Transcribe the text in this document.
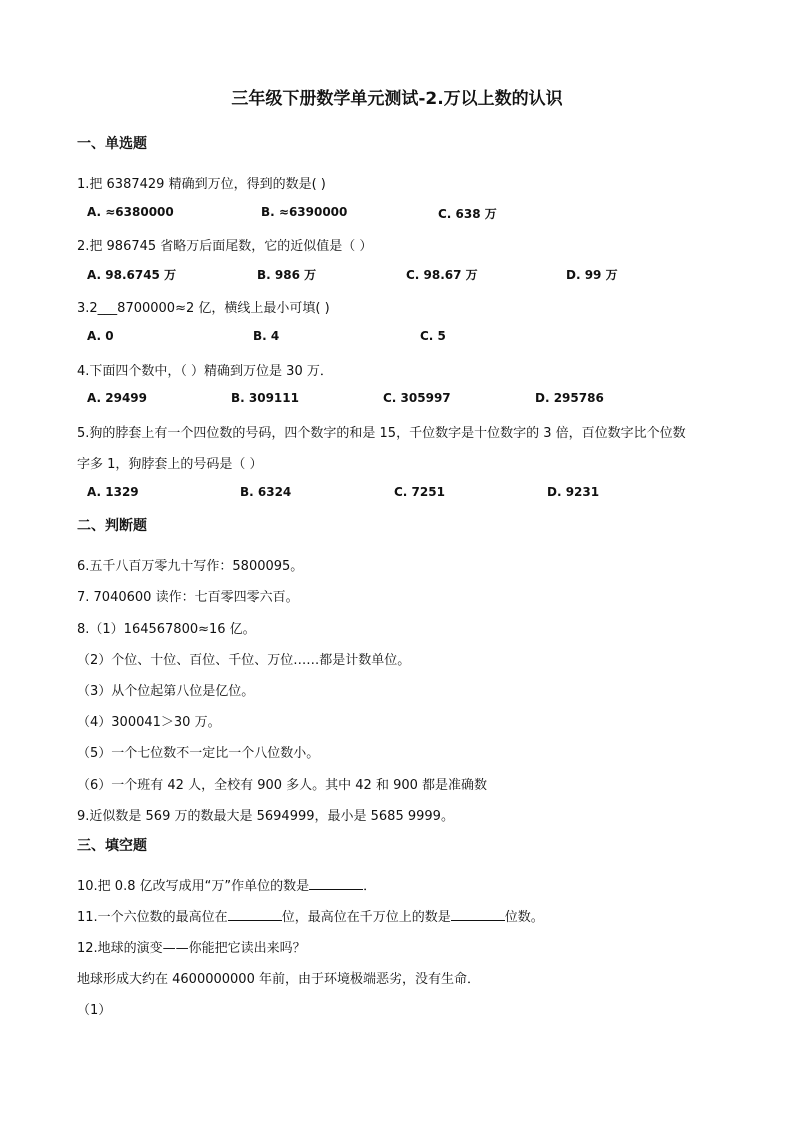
三年级下册数学单元测试-2.万以上数的认识
一、单选题
1.把 6387429 精确到万位，得到的数是( )
A. ≈6380000	B. ≈6390000	C. 638 万
2.把 986745 省略万后面尾数，它的近似值是（ ）
A. 98.6745 万	B. 986 万	C. 98.67 万	D. 99 万
3.2___8700000≈2 亿，横线上最小可填( )
A. 0	B. 4	C. 5
4.下面四个数中，（ ）精确到万位是 30 万．
A. 29499	B. 309111	C. 305997	D. 295786
5.狗的脖套上有一个四位数的号码，四个数字的和是 15，千位数字是十位数字的 3 倍，百位数字比个位数
字多 1，狗脖套上的号码是（ ）
A. 1329	B. 6324	C. 7251	D. 9231
二、判断题
6.五千八百万零九十写作：5800095。
7. 7040600 读作：七百零四零六百。
8.（1）164567800≈16 亿。
（2）个位、十位、百位、千位、万位……都是计数单位。
（3）从个位起第八位是亿位。
（4）300041＞30 万。
（5）一个七位数不一定比一个八位数小。
（6）一个班有 42 人，全校有 900 多人。其中 42 和 900 都是准确数
9.近似数是 569 万的数最大是 5694999，最小是 5685 9999。
三、填空题
10.把 0.8 亿改写成用“万”作单位的数是	．
11.一个六位数的最高位在	位，最高位在千万位上的数是	位数。
12.地球的演变——你能把它读出来吗？
地球形成大约在 4600000000 年前，由于环境极端恶劣，没有生命．
（1）
